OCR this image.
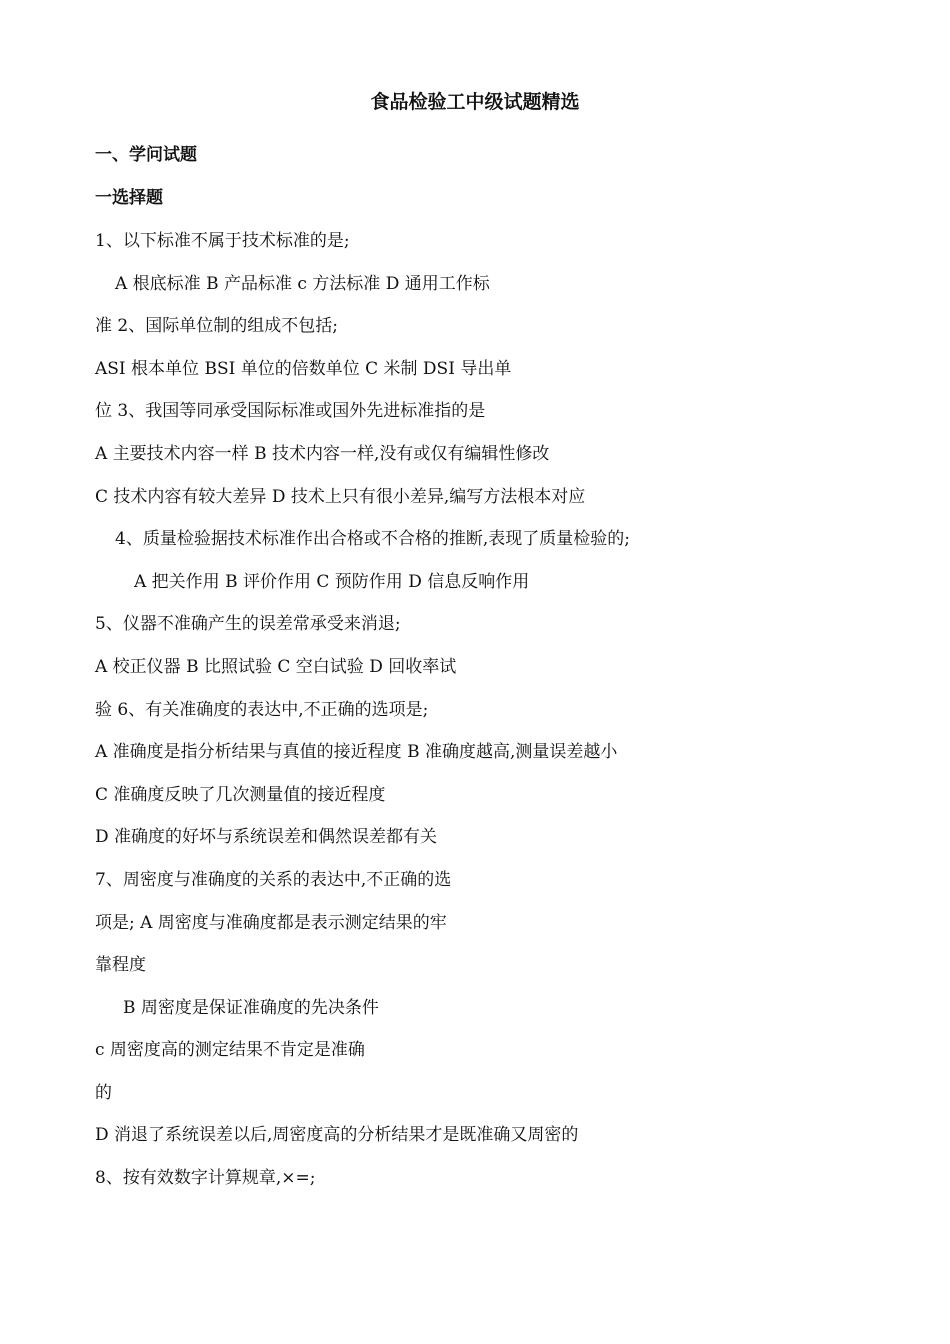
食品检验工中级试题精选
一、学问试题
一选择题
1、以下标准不属于技术标准的是;
A 根底标准 B 产品标准 c 方法标准 D 通用工作标
准 2、国际单位制的组成不包括;
ASI 根本单位 BSI 单位的倍数单位 C 米制 DSI 导出单
位 3、我国等同承受国际标准或国外先进标准指的是
A 主要技术内容一样 B 技术内容一样,没有或仅有编辑性修改
C 技术内容有较大差异 D 技术上只有很小差异,编写方法根本对应
4、质量检验据技术标准作出合格或不合格的推断,表现了质量检验的;
A 把关作用 B 评价作用 C 预防作用 D 信息反响作用
5、仪器不准确产生的误差常承受来消退;
A 校正仪器 B 比照试验 C 空白试验 D 回收率试
验 6、有关准确度的表达中,不正确的选项是;
A 准确度是指分析结果与真值的接近程度 B 准确度越高,测量误差越小
C 准确度反映了几次测量值的接近程度
D 准确度的好坏与系统误差和偶然误差都有关
7、周密度与准确度的关系的表达中,不正确的选
项是; A 周密度与准确度都是表示测定结果的牢
靠程度
B 周密度是保证准确度的先决条件
c 周密度高的测定结果不肯定是准确
的
D 消退了系统误差以后,周密度高的分析结果才是既准确又周密的
8、按有效数字计算规章,×=;
